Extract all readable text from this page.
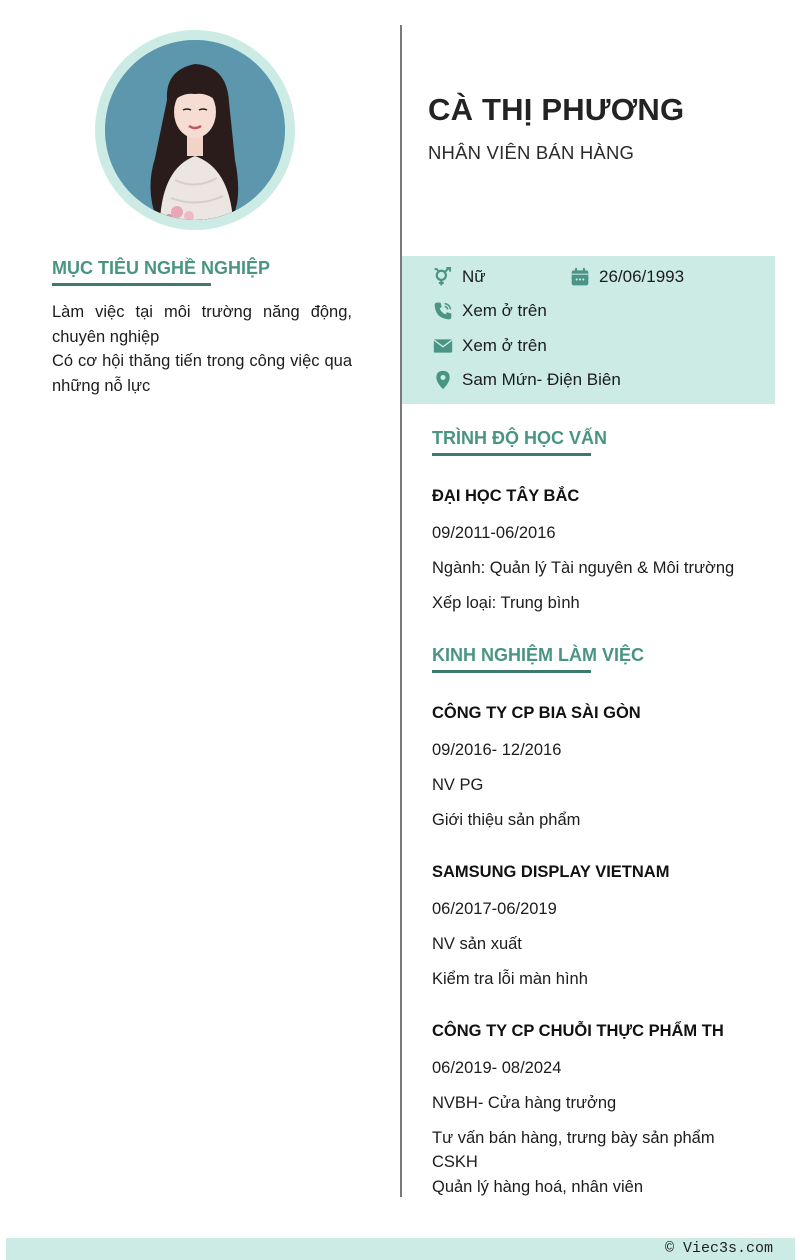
MỤC TIÊU NGHỀ NGHIỆP

Làm việc tại môi trường năng động, chuyên nghiệp

Có cơ hội thăng tiến trong công việc qua những nỗ lực

CÀ THỊ PHƯƠNG
NHÂN VIÊN BÁN HÀNG
Nữ	26/06/1993
Xem ở trên
Xem ở trên
Sam Mứn- Điện Biên
TRÌNH ĐỘ HỌC VẤN
ĐẠI HỌC TÂY BẮC
09/2011-06/2016
Ngành: Quản lý Tài nguyên & Môi trường
Xếp loại: Trung bình
KINH NGHIỆM LÀM VIỆC
CÔNG TY CP BIA SÀI GÒN
09/2016- 12/2016
NV PG
Giới thiệu sản phẩm
SAMSUNG DISPLAY VIETNAM
06/2017-06/2019
NV sản xuất
Kiểm tra lỗi màn hình
CÔNG TY CP CHUỖI THỰC PHẨM TH
06/2019- 08/2024
NVBH- Cửa hàng trưởng
Tư vấn bán hàng, trưng bày sản phẩm
CSKH
Quản lý hàng hoá, nhân viên
© Viec3s.com
